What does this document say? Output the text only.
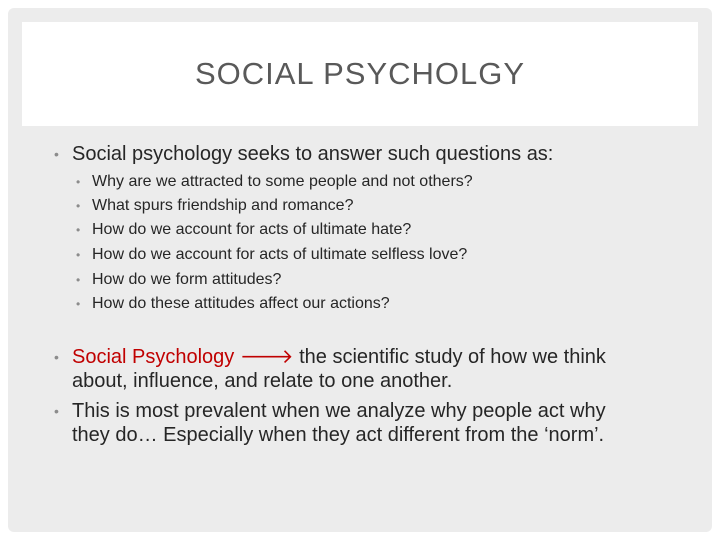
SOCIAL PSYCHOLGY
• Social psychology seeks to answer such questions as:
• Why are we attracted to some people and not others?
• What spurs friendship and romance?
• How do we account for acts of ultimate hate?
• How do we account for acts of ultimate selfless love?
• How do we form attitudes?
• How do these attitudes affect our actions?
• Social Psychology 🡒 the scientific study of how we think
about, influence, and relate to one another.
• This is most prevalent when we analyze why people act why
they do… Especially when they act different from the ‘norm’.
